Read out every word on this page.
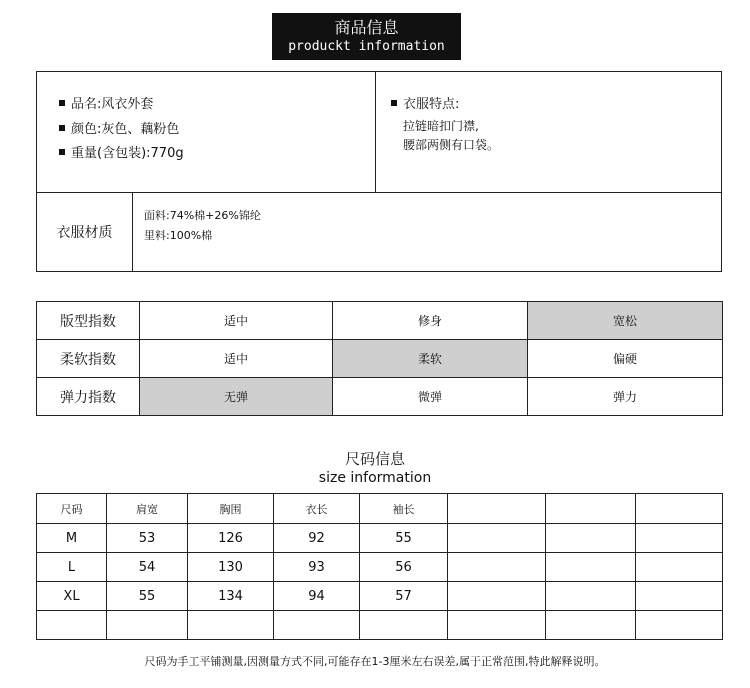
商品信息
produckt information
品名:风衣外套
颜色:灰色、藕粉色
重量(含包装):770g
衣服特点:
拉链暗扣门襟,
腰部两侧有口袋。
衣服材质
面料:74%棉+26%锦纶
里料:100%棉
版型指数	适中	修身	宽松
柔软指数	适中	柔软	偏硬
弹力指数	无弹	微弹	弹力
尺码信息
size information
尺码	肩宽	胸围	衣长	袖长			
M	53	126	92	55			
L	54	130	93	56			
XL	55	134	94	57			

尺码为手工平铺测量,因测量方式不同,可能存在1-3厘米左右误差,属于正常范围,特此解释说明。
